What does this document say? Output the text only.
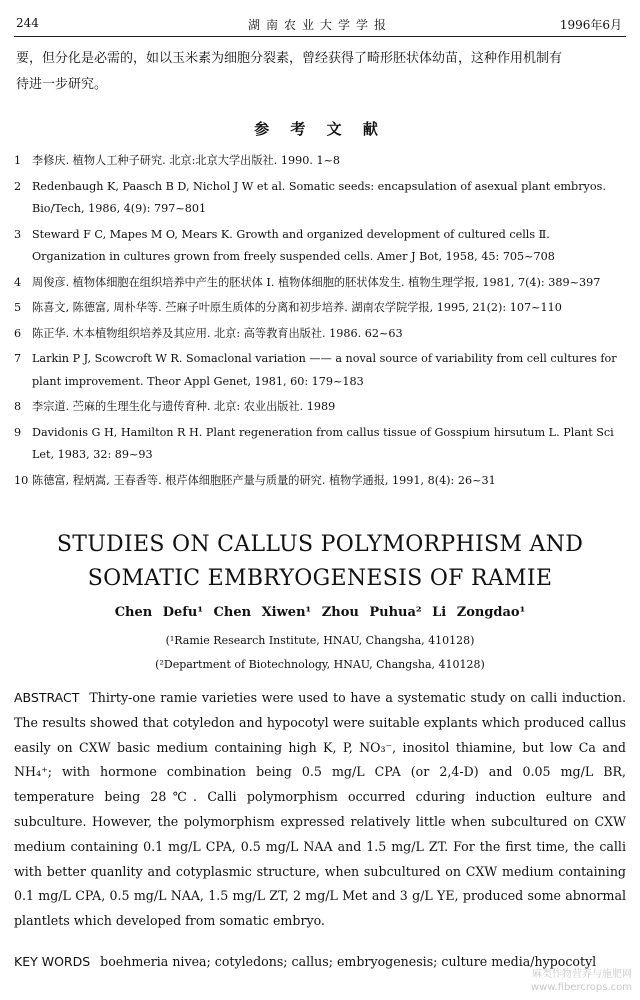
244	湖南农业大学学报	1996年6月
要，但分化是必需的，如以玉米素为细胞分裂素，曾经获得了畸形胚状体幼苗，这种作用机制有
待进一步研究。
参 考 文 献
1 李修庆. 植物人工种子研究. 北京:北京大学出版社. 1990. 1~8
2 Redenbaugh K, Paasch B D, Nichol J W et al. Somatic seeds: encapsulation of asexual plant embryos. Bio/Tech, 1986, 4(9): 797~801
3 Steward F C, Mapes M O, Mears K. Growth and organized development of cultured cells Ⅱ. Organization in cultures grown from freely suspended cells. Amer J Bot, 1958, 45: 705~708
4 周俊彦. 植物体细胞在组织培养中产生的胚状体 Ⅰ. 植物体细胞的胚状体发生. 植物生理学报, 1981, 7(4): 389~397
5 陈喜文, 陈德富, 周朴华等. 苎麻子叶原生质体的分离和初步培养. 湖南农学院学报, 1995, 21(2): 107~110
6 陈正华. 木本植物组织培养及其应用. 北京: 高等教育出版社. 1986. 62~63
7 Larkin P J, Scowcroft W R. Somaclonal variation —— a noval source of variability from cell cultures for plant improvement. Theor Appl Genet, 1981, 60: 179~183
8 李宗道. 苎麻的生理生化与遗传育种. 北京: 农业出版社. 1989
9 Davidonis G H, Hamilton R H. Plant regeneration from callus tissue of Gosspium hirsutum L. Plant Sci Let, 1983, 32: 89~93
10 陈德富, 程炳嵩, 王春香等. 根芹体细胞胚产量与质量的研究. 植物学通报, 1991, 8(4): 26~31
STUDIES ON CALLUS POLYMORPHISM AND
SOMATIC EMBRYOGENESIS OF RAMIE
Chen Defu¹ Chen Xiwen¹ Zhou Puhua² Li Zongdao¹
(¹Ramie Research Institute, HNAU, Changsha, 410128)
(²Department of Biotechnology, HNAU, Changsha, 410128)
ABSTRACT Thirty-one ramie varieties were used to have a systematic study on calli induction. The results showed that cotyledon and hypocotyl were suitable explants which produced callus easily on CXW basic medium containing high K, P, NO₃⁻, inositol thiamine, but low Ca and NH₄⁺; with hormone combination being 0.5 mg/L CPA (or 2,4-D) and 0.05 mg/L BR, temperature being 28℃. Calli polymorphism occurred cduring induction eulture and subculture. However, the polymorphism expressed relatively little when subcultured on CXW medium containing 0.1 mg/L CPA, 0.5 mg/L NAA and 1.5 mg/L ZT. For the first time, the calli with better quanlity and cotyplasmic structure, when subcultured on CXW medium containing 0.1 mg/L CPA, 0.5 mg/L NAA, 1.5 mg/L ZT, 2 mg/L Met and 3 g/L YE, produced some abnormal plantlets which developed from somatic embryo.
KEY WORDS boehmeria nivea; cotyledons; callus; embryogenesis; culture media/hypocotyl
麻类作物营养与施肥网
www.fibercrops.com
